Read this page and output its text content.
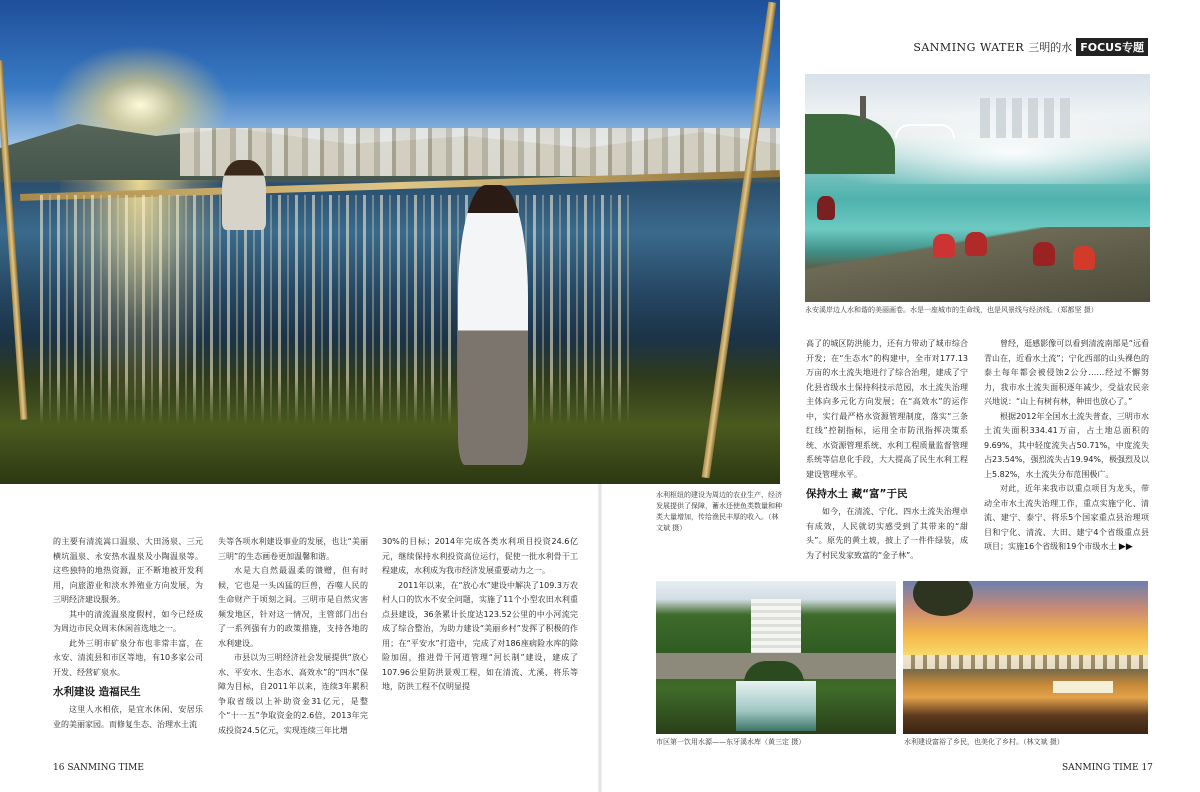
SANMING WATER 三明的水 FOCUS专题
永安溪岸边人水和谐的美丽画卷。水是一座城市的生命线，也是风景线与经济线。（郑都坚 摄）
水利枢纽的建设为周边的农业生产、经济发展提供了保障，蓄水还使鱼类数量和种类大量增加，传给渔民丰厚的收入。（林文斌 摄）

的主要有清流嵩口温泉、大田汤泉、三元横坑温泉、永安热水温泉及小陶温泉等。这些独特的地热资源，正不断地被开发利用，向旅游业和淡水养殖业方向发展，为三明经济建设服务。

其中的清流温泉度假村，如今已经成为周边市民众周末休闲首选地之一。

此外三明市矿泉分布也非常丰富，在永安、清流县和市区等地，有10多家公司开发、经营矿泉水。

水利建设 造福民生

这里人水相依，是宜水休闲、安居乐业的美丽家园。而修复生态、治理水土流

失等各项水利建设事业的发展，也让“美丽三明”的生态画卷更加温馨和谐。

水是大自然最温柔的馈赠，但有时候，它也是一头凶猛的巨兽，吞噬人民的生命财产于顷刻之间。三明市是自然灾害频发地区，针对这一情况，主管部门出台了一系列强有力的政策措施，支持各地的水利建设。

市县以为三明经济社会发展提供“放心水、平安水、生态水、高效水”的“四水”保障为目标，自2011年以来，连续3年累积争取省级以上补助资金31亿元，是整个“十一五”争取资金的2.6倍，2013年完成投资24.5亿元，实现连续三年比增

30%的目标；2014年完成各类水利项目投资24.6亿元，继续保持水利投资高位运行，促使一批水利骨干工程建成，水利成为我市经济发展重要动力之一。

2011年以来，在“放心水”建设中解决了109.3万农村人口的饮水不安全问题，实施了11个小型农田水利重点县建设，36条累计长度达123.52公里的中小河流完成了综合整治，为助力建设“美丽乡村”发挥了积极的作用；在“平安水”打造中，完成了对186座病险水库的除险加固，推进骨干河道管理“河长制”建设，建成了107.96公里防洪景观工程，如在清流、尤溪、将乐等地，防洪工程不仅明显提

高了的城区防洪能力，还有力带动了城市综合开发；在“生态水”的构建中，全市对177.13万亩的水土流失地进行了综合治理，建成了宁化县省级水土保持科技示范园，水土流失治理主体向多元化方向发展；在“高效水”的运作中，实行最严格水资源管理制度，落实“三条红线”控制指标，运用全市防汛指挥决策系统、水资源管理系统、水利工程质量监督管理系统等信息化手段，大大提高了民生水利工程建设管理水平。

保持水土 藏“富”于民

如今，在清流、宁化、四水土流失治理卓有成效，人民就切实感受到了其带来的“甜头”。原先的黄土坡，披上了一件件绿装，成为了村民发家致富的“金子林”。

曾经，逛感影像可以看到清流南部是“远看青山在，近看水土流”；宁化西部的山头裸色的泰土每年都会被侵蚀2公分……经过不懈努力，我市水土流失面积逐年减少，受益农民亲兴地说：“山上有树有林，种田也放心了。”

根据2012年全国水土流失普查，三明市水土流失面积334.41万亩，占土地总面积的9.69%，其中轻度流失占50.71%，中度流失占23.54%，强烈流失占19.94%，极强烈及以上5.82%，水土流失分布范围极广。

对此，近年来我市以重点项目为龙头，带动全市水土流失治理工作，重点实施宁化、清流、建宁、泰宁、将乐5个国家重点县治理项目和宁化、清流、大田、建宁4个省级重点县项目；实施16个省级和19个市级水土 ▶▶

市区第一饮用水源——东牙溪水库（黄三定 摄）	水利建设富裕了乡民，也美化了乡村。（林文斌 摄）
16 SANMING TIME	SANMING TIME 17
